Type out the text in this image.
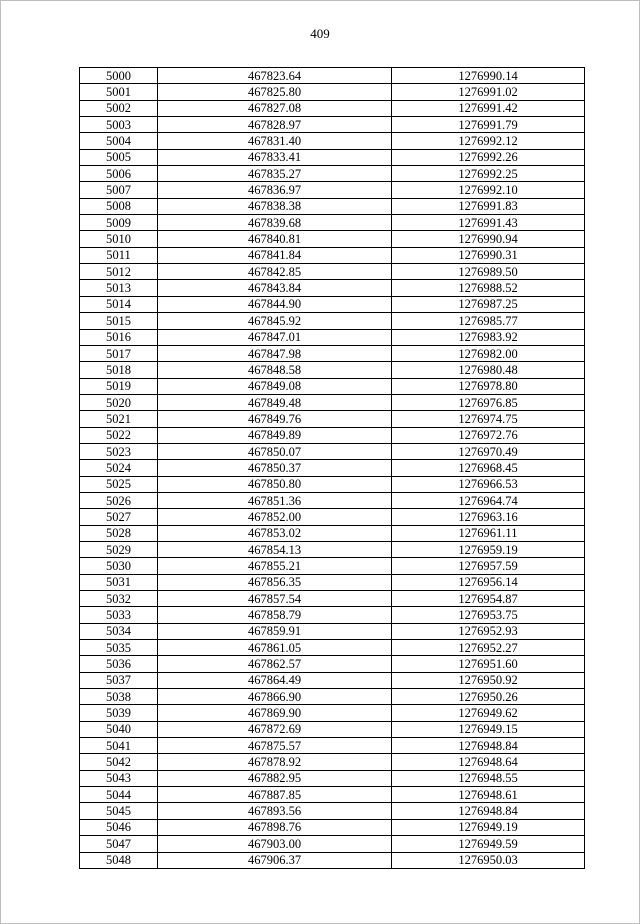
409
5000	467823.64	1276990.14
5001	467825.80	1276991.02
5002	467827.08	1276991.42
5003	467828.97	1276991.79
5004	467831.40	1276992.12
5005	467833.41	1276992.26
5006	467835.27	1276992.25
5007	467836.97	1276992.10
5008	467838.38	1276991.83
5009	467839.68	1276991.43
5010	467840.81	1276990.94
5011	467841.84	1276990.31
5012	467842.85	1276989.50
5013	467843.84	1276988.52
5014	467844.90	1276987.25
5015	467845.92	1276985.77
5016	467847.01	1276983.92
5017	467847.98	1276982.00
5018	467848.58	1276980.48
5019	467849.08	1276978.80
5020	467849.48	1276976.85
5021	467849.76	1276974.75
5022	467849.89	1276972.76
5023	467850.07	1276970.49
5024	467850.37	1276968.45
5025	467850.80	1276966.53
5026	467851.36	1276964.74
5027	467852.00	1276963.16
5028	467853.02	1276961.11
5029	467854.13	1276959.19
5030	467855.21	1276957.59
5031	467856.35	1276956.14
5032	467857.54	1276954.87
5033	467858.79	1276953.75
5034	467859.91	1276952.93
5035	467861.05	1276952.27
5036	467862.57	1276951.60
5037	467864.49	1276950.92
5038	467866.90	1276950.26
5039	467869.90	1276949.62
5040	467872.69	1276949.15
5041	467875.57	1276948.84
5042	467878.92	1276948.64
5043	467882.95	1276948.55
5044	467887.85	1276948.61
5045	467893.56	1276948.84
5046	467898.76	1276949.19
5047	467903.00	1276949.59
5048	467906.37	1276950.03
